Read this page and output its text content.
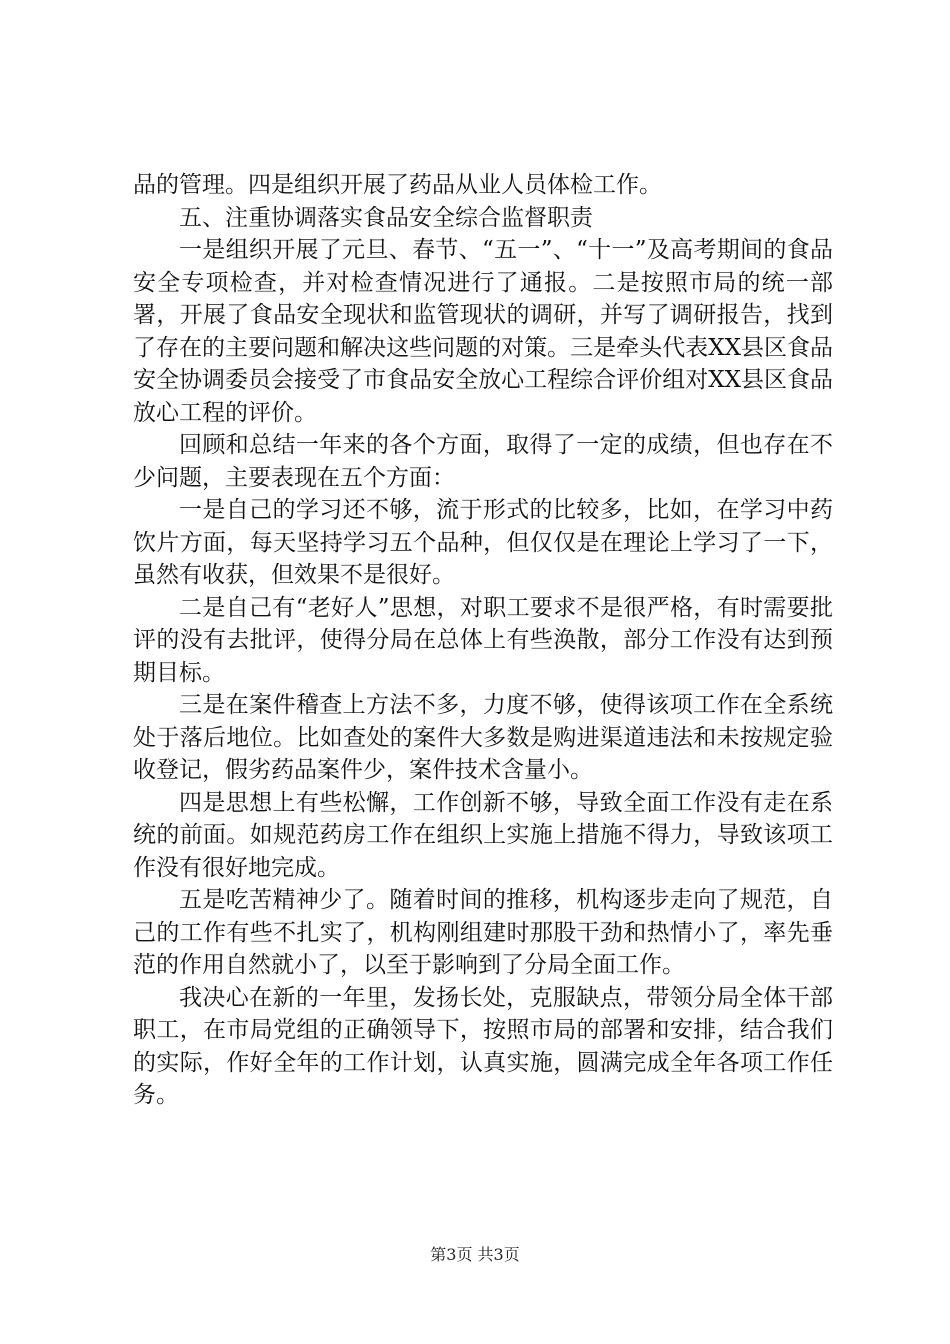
品的管理。四是组织开展了药品从业人员体检工作。

五、注重协调落实食品安全综合监督职责

一是组织开展了元旦、春节、“五一”、“十一”及高考期间的食品安全专项检查，并对检查情况进行了通报。二是按照市局的统一部署，开展了食品安全现状和监管现状的调研，并写了调研报告，找到了存在的主要问题和解决这些问题的对策。三是牵头代表XX县区食品安全协调委员会接受了市食品安全放心工程综合评价组对XX县区食品放心工程的评价。

回顾和总结一年来的各个方面，取得了一定的成绩，但也存在不少问题，主要表现在五个方面：

一是自己的学习还不够，流于形式的比较多，比如，在学习中药饮片方面，每天坚持学习五个品种，但仅仅是在理论上学习了一下，虽然有收获，但效果不是很好。

二是自己有“老好人”思想，对职工要求不是很严格，有时需要批评的没有去批评，使得分局在总体上有些涣散，部分工作没有达到预期目标。

三是在案件稽查上方法不多，力度不够，使得该项工作在全系统处于落后地位。比如查处的案件大多数是购进渠道违法和未按规定验收登记，假劣药品案件少，案件技术含量小。

四是思想上有些松懈，工作创新不够，导致全面工作没有走在系统的前面。如规范药房工作在组织上实施上措施不得力，导致该项工作没有很好地完成。

五是吃苦精神少了。随着时间的推移，机构逐步走向了规范，自己的工作有些不扎实了，机构刚组建时那股干劲和热情小了，率先垂范的作用自然就小了，以至于影响到了分局全面工作。

我决心在新的一年里，发扬长处，克服缺点，带领分局全体干部职工，在市局党组的正确领导下，按照市局的部署和安排，结合我们的实际，作好全年的工作计划，认真实施，圆满完成全年各项工作任务。

第3页 共3页
